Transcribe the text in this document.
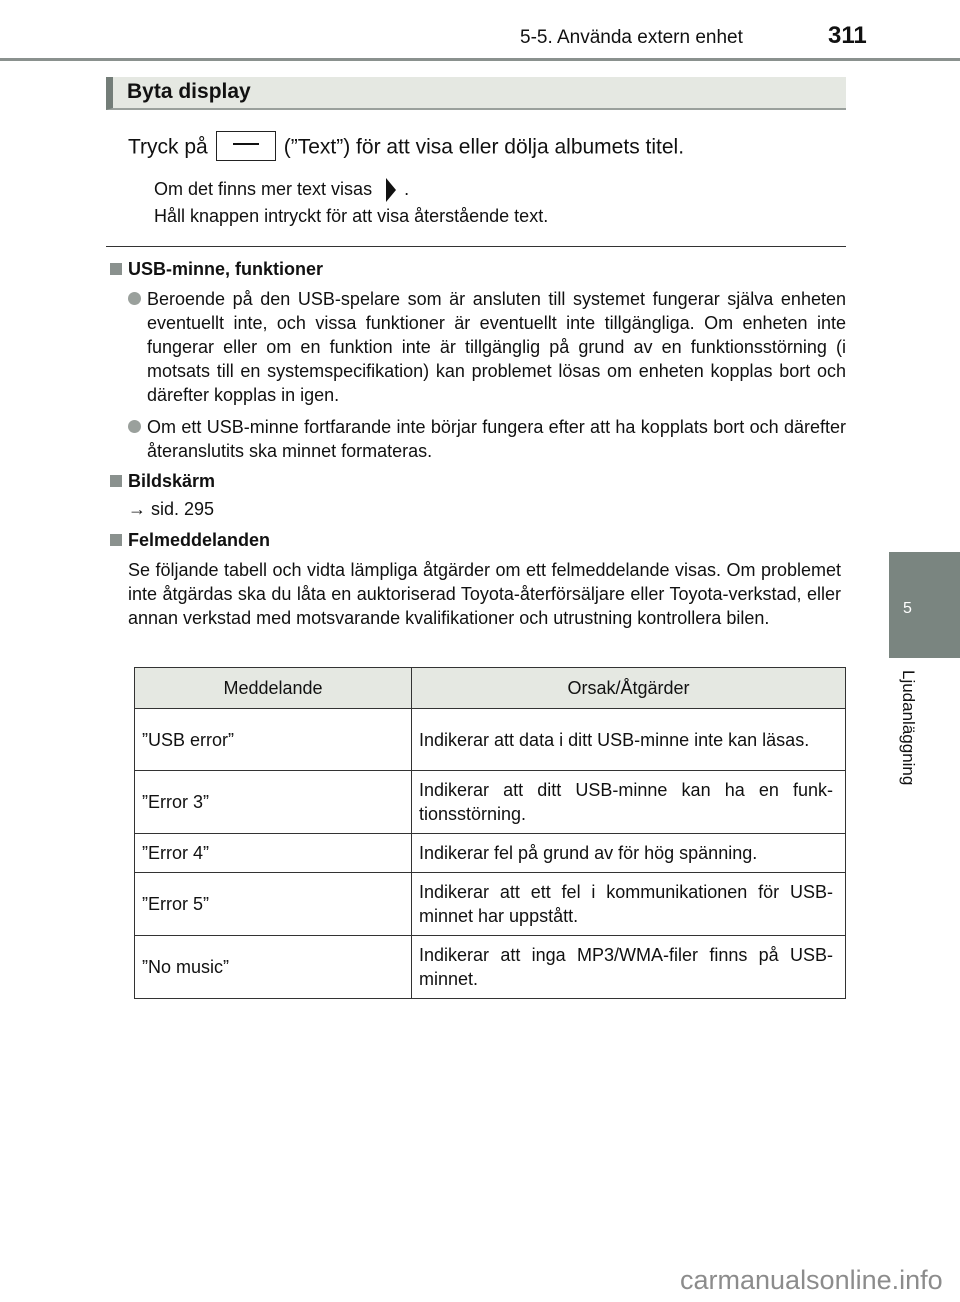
5-5. Använda extern enhet	311
5
Ljudanläggning
Byta display
Tryck på	(”Text”) för att visa eller dölja albumets titel.
Om det finns mer text visas .
Håll knappen intryckt för att visa återstående text.
USB-minne, funktioner
Beroende på den USB-spelare som är ansluten till systemet fungerar själva enheten eventuellt inte, och vissa funktioner är eventuellt inte tillgängliga. Om enheten inte fungerar eller om en funktion inte är tillgänglig på grund av en funktionsstörning (i motsats till en systemspecifikation) kan problemet lösas om enheten kopplas bort och därefter kopplas in igen.
Om ett USB-minne fortfarande inte börjar fungera efter att ha kopplats bort och därefter återanslutits ska minnet formateras.
Bildskärm
→ sid. 295
Felmeddelanden
Se följande tabell och vidta lämpliga åtgärder om ett felmeddelande visas. Om problemet inte åtgärdas ska du låta en auktoriserad Toyota-återförsäljare eller Toyota-verkstad, eller annan verkstad med motsvarande kvalifikationer och utrustning kontrollera bilen.
Meddelande	Orsak/Åtgärder
”USB error”	Indikerar att data i ditt USB-minne inte kan läsas.
”Error 3”	Indikerar att ditt USB-minne kan ha en funk-tionsstörning.
”Error 4”	Indikerar fel på grund av för hög spänning.
”Error 5”	Indikerar att ett fel i kommunikationen för USB-minnet har uppstått.
”No music”	Indikerar att inga MP3/WMA-filer finns på USB-minnet.
carmanualsonline.info
